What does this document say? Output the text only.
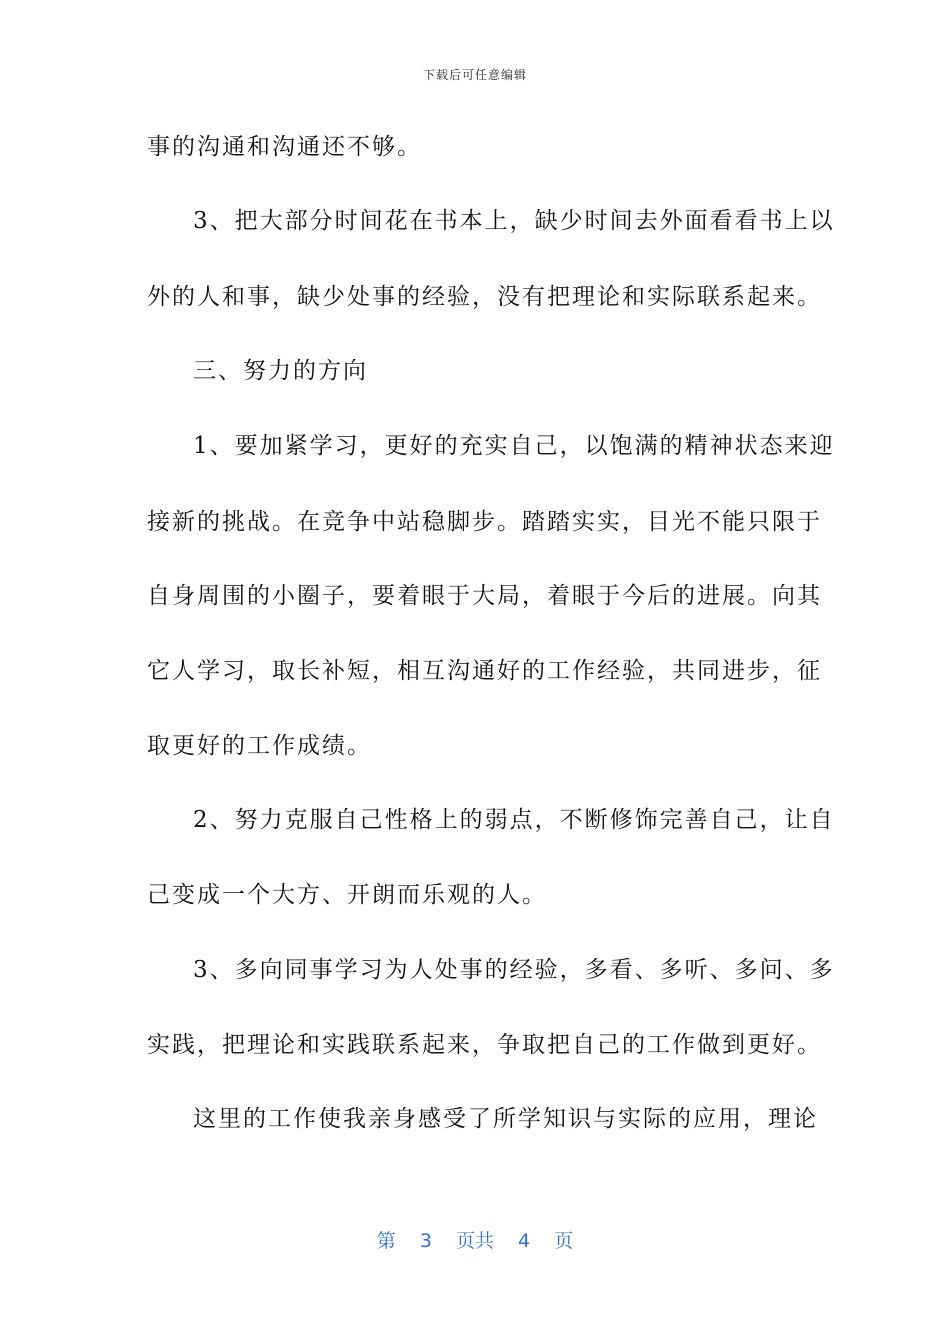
下载后可任意编辑
事的沟通和沟通还不够。
3、把大部分时间花在书本上，缺少时间去外面看看书上以
外的人和事，缺少处事的经验，没有把理论和实际联系起来。
三、努力的方向
1、要加紧学习，更好的充实自己，以饱满的精神状态来迎
接新的挑战。在竞争中站稳脚步。踏踏实实，目光不能只限于
自身周围的小圈子，要着眼于大局，着眼于今后的进展。向其
它人学习，取长补短，相互沟通好的工作经验，共同进步，征
取更好的工作成绩。
2、努力克服自己性格上的弱点，不断修饰完善自己，让自
己变成一个大方、开朗而乐观的人。
3、多向同事学习为人处事的经验，多看、多听、多问、多
实践，把理论和实践联系起来，争取把自己的工作做到更好。
这里的工作使我亲身感受了所学知识与实际的应用，理论
第 3 页共 4 页
